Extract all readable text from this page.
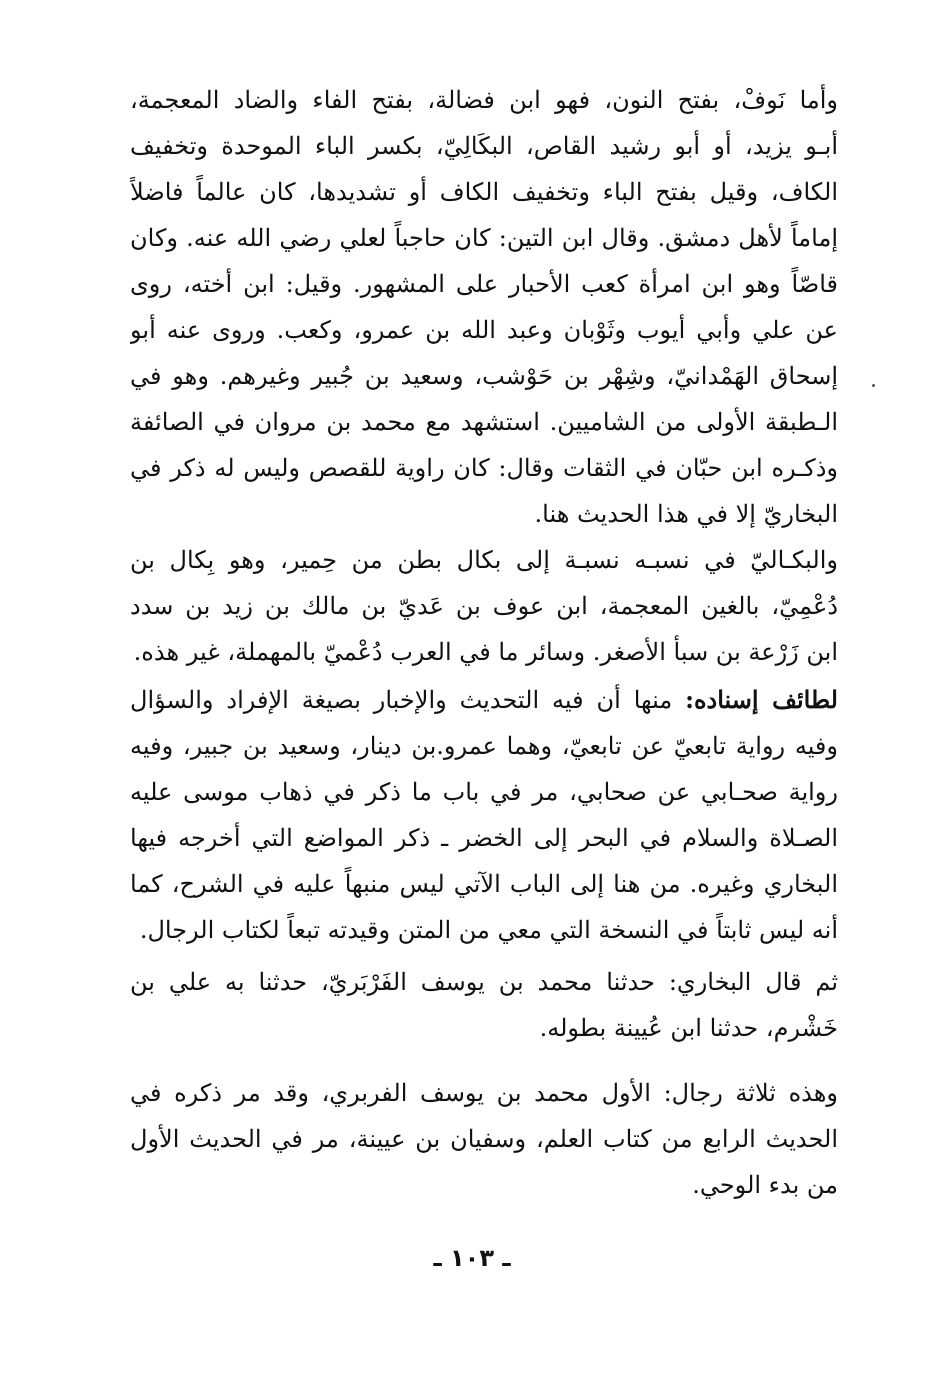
وأما نَوفْ، بفتح النون، فهو ابن فضالة، بفتح الفاء والضاد المعجمة،
أبـو يزيد، أو أبو رشيد القاص، البكَالِيّ، بكسر الباء الموحدة وتخفيف
الكاف، وقيل بفتح الباء وتخفيف الكاف أو تشديدها، كان عالماً فاضلاً
إماماً لأهل دمشق. وقال ابن التين: كان حاجباً لعلي رضي الله عنه. وكان
قاصّاً وهو ابن امرأة كعب الأحبار على المشهور. وقيل: ابن أخته، روى
عن علي وأبي أيوب وثَوْبان وعبد الله بن عمرو، وكعب. وروى عنه أبو
إسحاق الهَمْدانيّ، وشِهْر بن حَوْشب، وسعيد بن جُبير وغيرهم. وهو في
الـطبقة الأولى من الشاميين. استشهد مع محمد بن مروان في الصائفة
وذكـره ابن حبّان في الثقات وقال: كان راوية للقصص وليس له ذكر في
البخاريّ إلا في هذا الحديث هنا.
والبكـاليّ في نسبـه نسبـة إلى بكال بطن من حِمير، وهو بِكال بن
دُعْمِيّ، بالغين المعجمة، ابن عوف بن عَديّ بن مالك بن زيد بن سدد
ابن زَرْعة بن سبأ الأصغر. وسائر ما في العرب دُعْميّ بالمهملة، غير هذه.
لطائف إسناده: منها أن فيه التحديث والإخبار بصيغة الإفراد والسؤال
وفيه رواية تابعيّ عن تابعيّ، وهما عمرو.بن دينار، وسعيد بن جبير، وفيه
رواية صحـابي عن صحابي، مر في باب ما ذكر في ذهاب موسى عليه
الصـلاة والسلام في البحر إلى الخضر ـ ذكر المواضع التي أخرجه فيها
البخاري وغيره. من هنا إلى الباب الآتي ليس منبهاً عليه في الشرح، كما
أنه ليس ثابتاً في النسخة التي معي من المتن وقيدته تبعاً لكتاب الرجال.
ثم قال البخاري: حدثنا محمد بن يوسف الفَرْبَريّ، حدثنا به علي بن
خَشْرم، حدثنا ابن عُيينة بطوله.
وهذه ثلاثة رجال: الأول محمد بن يوسف الفربري، وقد مر ذكره في
الحديث الرابع من كتاب العلم، وسفيان بن عيينة، مر في الحديث الأول
من بدء الوحي.
ـ ١٠٣ ـ
